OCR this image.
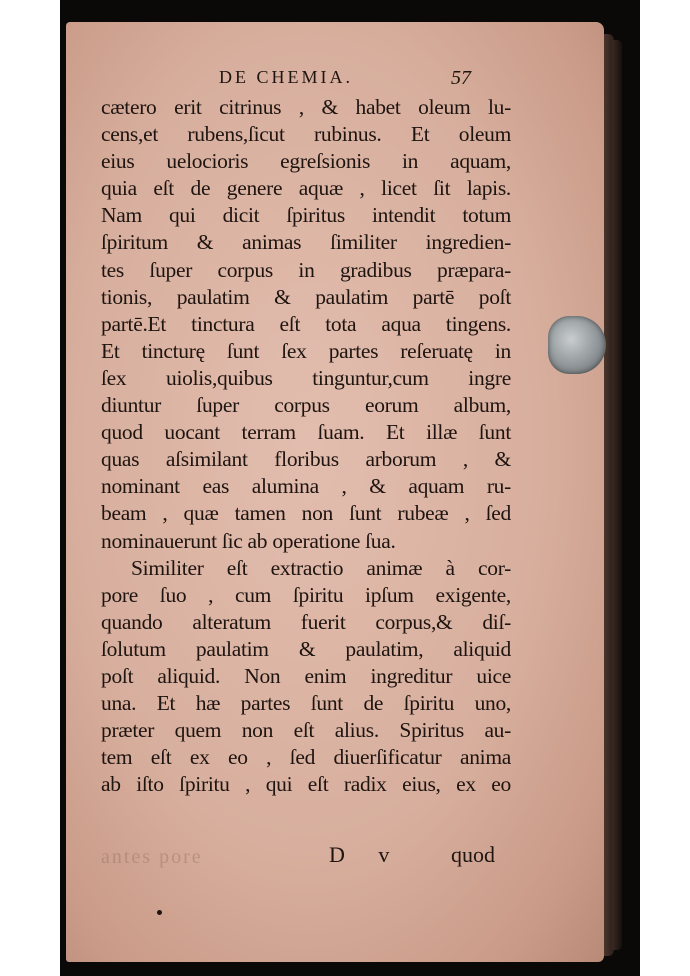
DE CHEMIA.	57
cætero erit citrinus , & habet oleum lu-
cens,et rubens,ſicut rubinus. Et oleum
eius uelocioris egreſsionis in aquam,
quia eſt de genere aquæ , licet ſit lapis.
Nam qui dicit ſpiritus intendit totum
ſpiritum & animas ſimiliter ingredien-
tes ſuper corpus in gradibus præpara-
tionis, paulatim & paulatim partē poſt
partē.Et tinctura eſt tota aqua tingens.
Et tincturę ſunt ſex partes reſeruatę in
ſex uiolis,quibus tinguntur,cum ingre
diuntur ſuper corpus eorum album,
quod uocant terram ſuam. Et illæ ſunt
quas aſsimilant floribus arborum , &
nominant eas alumina , & aquam ru-
beam , quæ tamen non ſunt rubeæ , ſed
nominauerunt ſic ab operatione ſua.
Similiter eſt extractio animæ à cor-
pore ſuo , cum ſpiritu ipſum exigente,
quando alteratum fuerit corpus,& diſ-
ſolutum paulatim & paulatim, aliquid
poſt aliquid. Non enim ingreditur uice
una. Et hæ partes ſunt de ſpiritu uno,
præter quem non eſt alius. Spiritus au-
tem eſt ex eo , ſed diuerſificatur anima
ab iſto ſpiritu , qui eſt radix eius, ex eo
antes pore	D v quod
